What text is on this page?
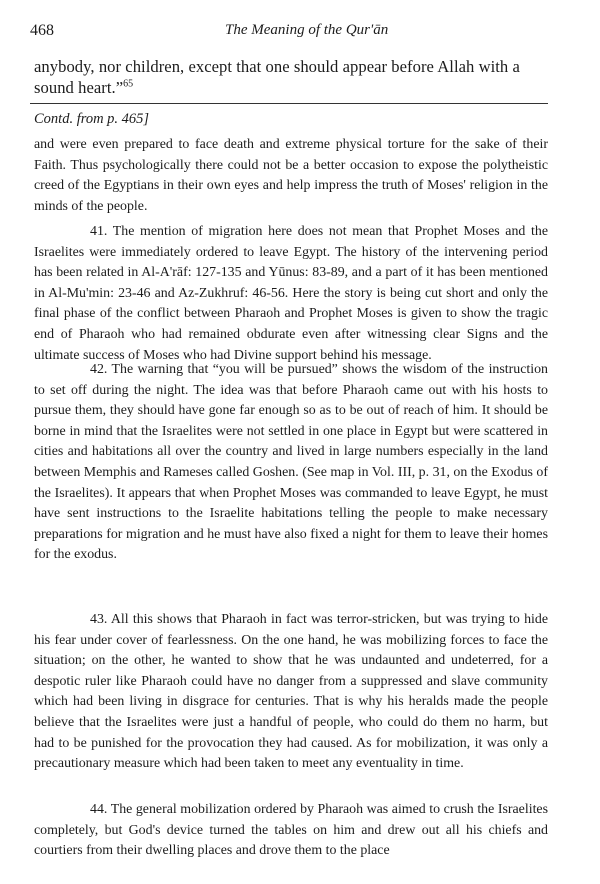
468	The Meaning of the Qur'ān
anybody, nor children, except that one should appear before Allah with a sound heart.”$^{65}$
Contd. from p. 465]

and were even prepared to face death and extreme physical torture for the sake of their Faith. Thus psychologically there could not be a better occasion to expose the polytheistic creed of the Egyptians in their own eyes and help impress the truth of Moses' religion in the minds of the people.

41. The mention of migration here does not mean that Prophet Moses and the Israelites were immediately ordered to leave Egypt. The history of the intervening period has been related in Al-A'rāf: 127-135 and Yūnus: 83-89, and a part of it has been mentioned in Al-Mu'min: 23-46 and Az-Zukhruf: 46-56. Here the story is being cut short and only the final phase of the conflict between Pharaoh and Prophet Moses is given to show the tragic end of Pharaoh who had remained obdurate even after witnessing clear Signs and the ultimate success of Moses who had Divine support behind his message.

42. The warning that “you will be pursued” shows the wisdom of the instruction to set off during the night. The idea was that before Pharaoh came out with his hosts to pursue them, they should have gone far enough so as to be out of reach of him. It should be borne in mind that the Israelites were not settled in one place in Egypt but were scattered in cities and habitations all over the country and lived in large numbers especially in the land between Memphis and Rameses called Goshen. (See map in Vol. III, p. 31, on the Exodus of the Israelites). It appears that when Prophet Moses was commanded to leave Egypt, he must have sent instructions to the Israelite habitations telling the people to make necessary preparations for migration and he must have also fixed a night for them to leave their homes for the exodus.

43. All this shows that Pharaoh in fact was terror-stricken, but was trying to hide his fear under cover of fearlessness. On the one hand, he was mobilizing forces to face the situation; on the other, he wanted to show that he was undaunted and undeterred, for a despotic ruler like Pharaoh could have no danger from a suppressed and slave community which had been living in disgrace for centuries. That is why his heralds made the people believe that the Israelites were just a handful of people, who could do them no harm, but had to be punished for the provocation they had caused. As for mobilization, it was only a precautionary measure which had been taken to meet any eventuality in time.

44. The general mobilization ordered by Pharaoh was aimed to crush the Israelites completely, but God's device turned the tables on him and drew out all his chiefs and courtiers from their dwelling places and drove them to the place
